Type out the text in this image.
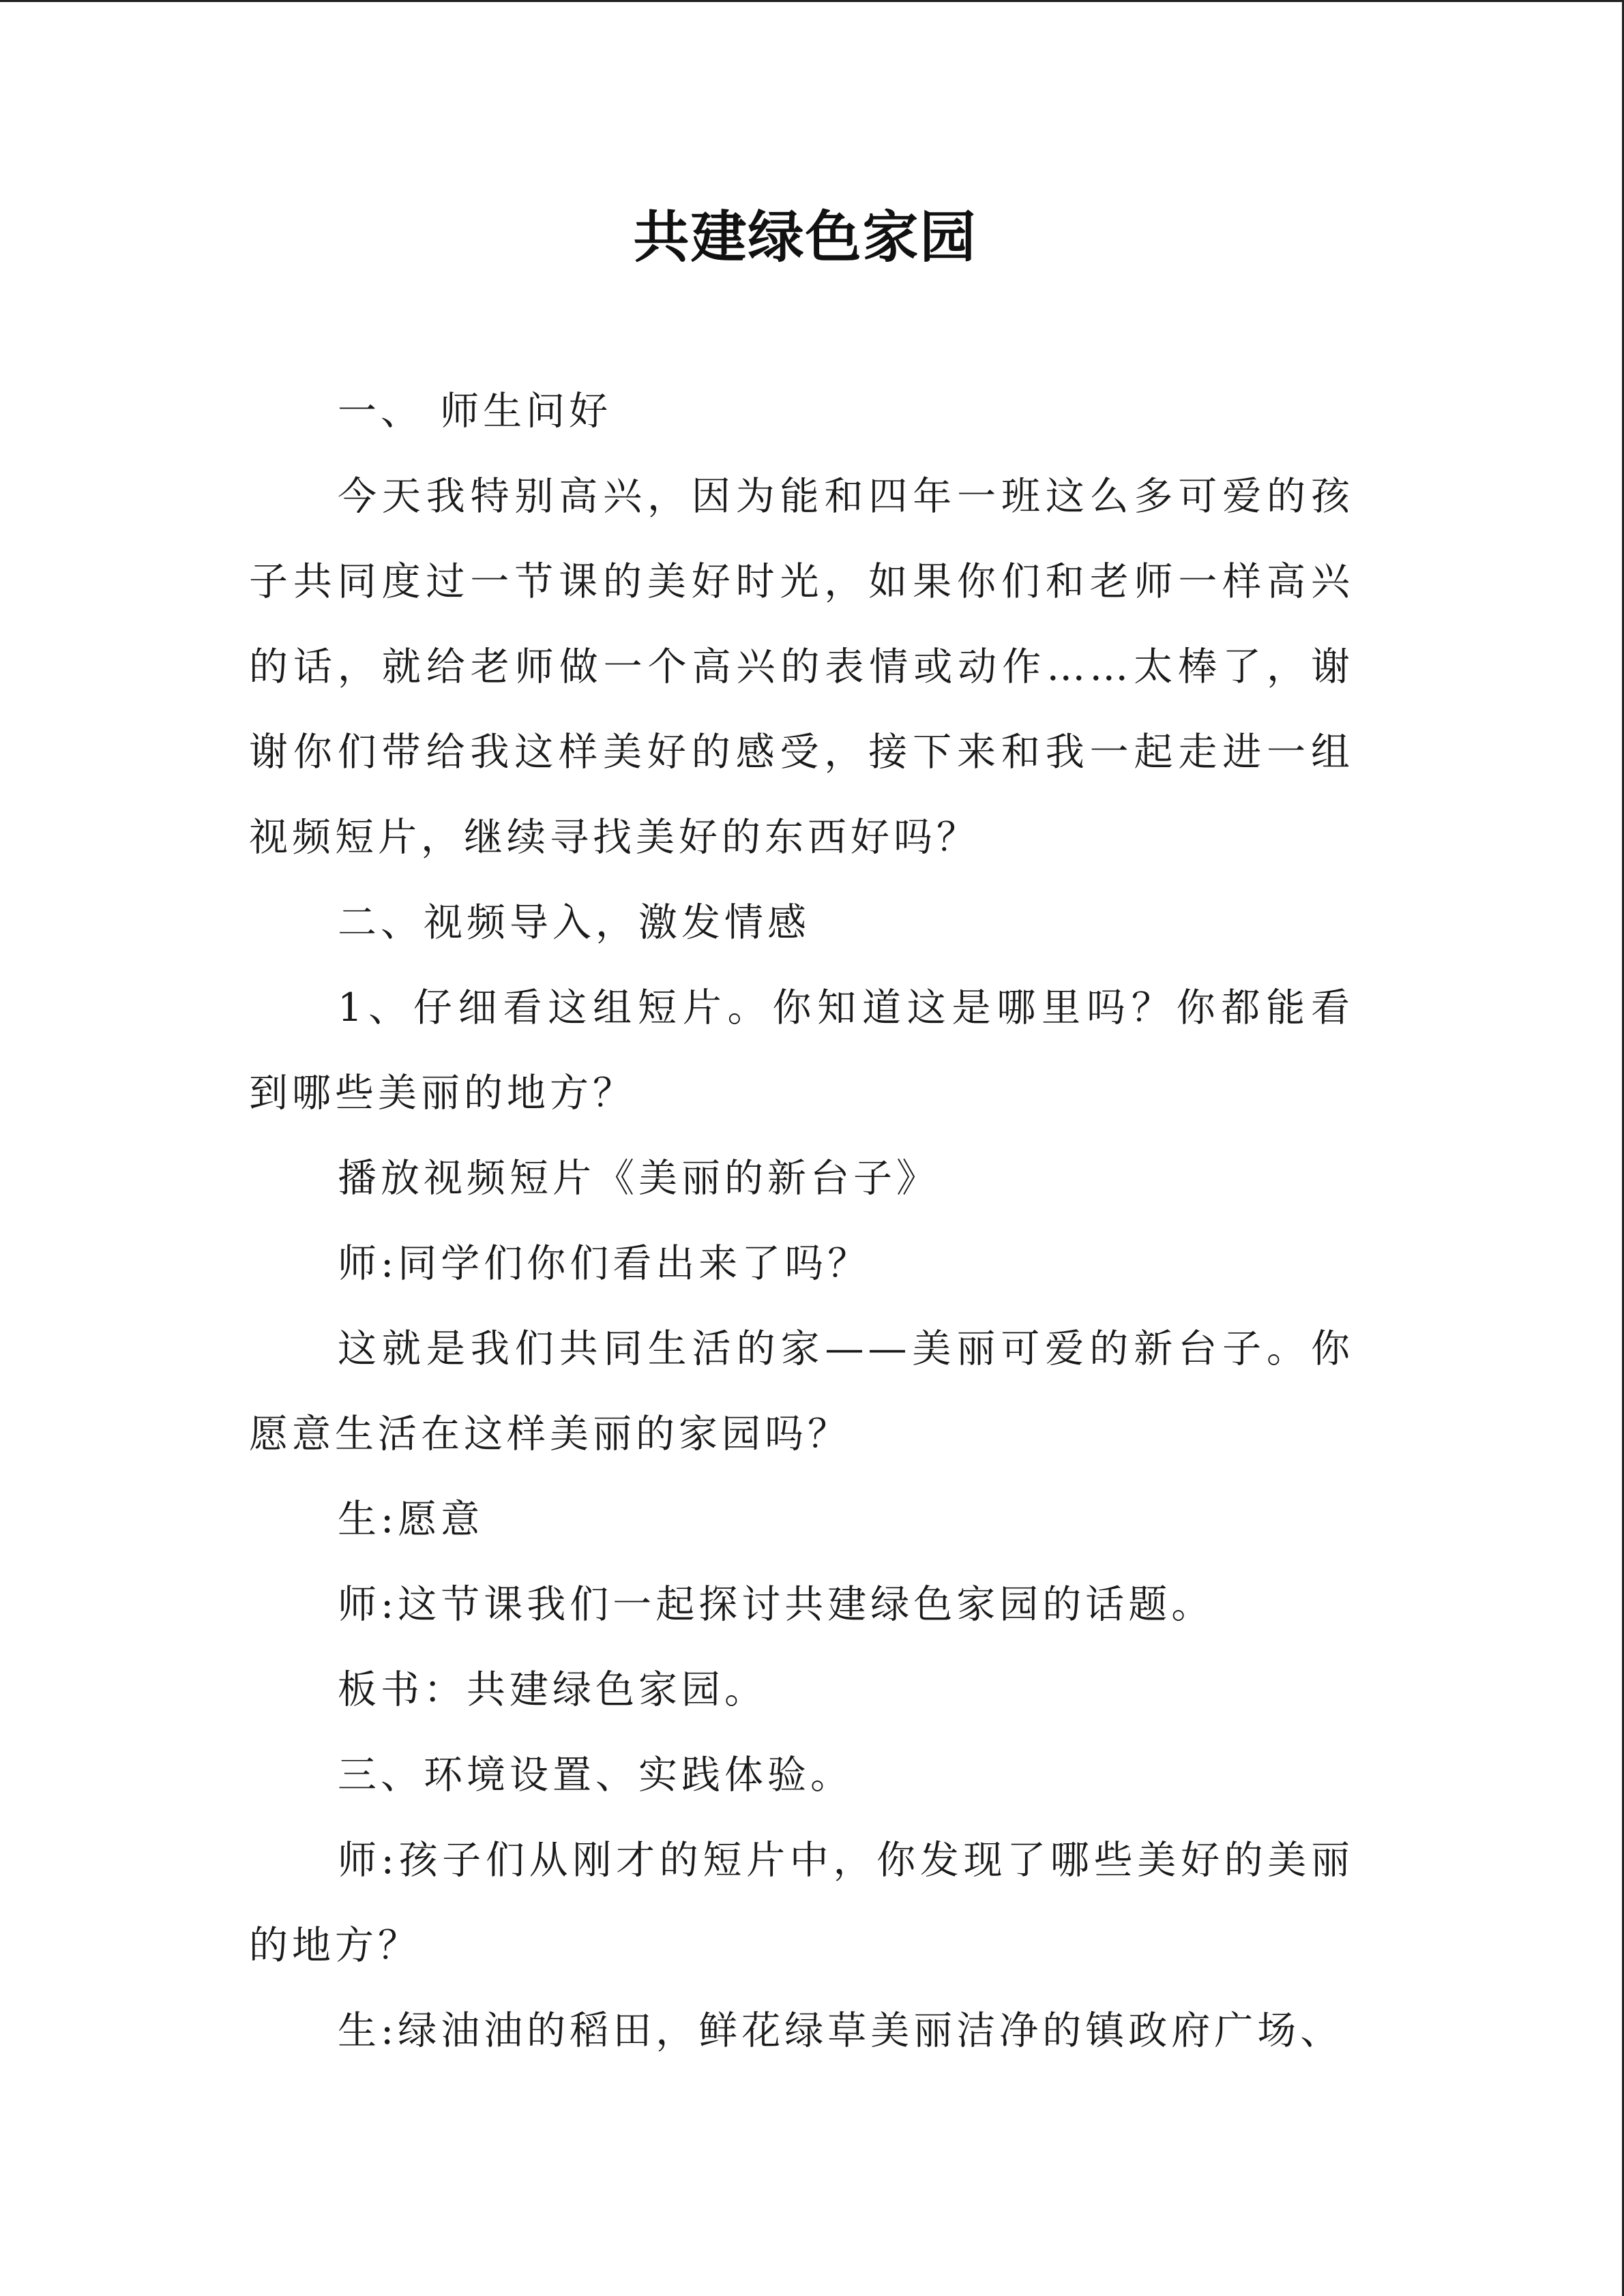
共建绿色家园

一、 师生问好

今天我特别高兴，因为能和四年一班这么多可爱的孩子共同度过一节课的美好时光，如果你们和老师一样高兴的话，就给老师做一个高兴的表情或动作……太棒了，谢谢你们带给我这样美好的感受，接下来和我一起走进一组视频短片，继续寻找美好的东西好吗？

二、视频导入，激发情感

1、仔细看这组短片。你知道这是哪里吗？你都能看到哪些美丽的地方？

播放视频短片《美丽的新台子》

师:同学们你们看出来了吗？

这就是我们共同生活的家——美丽可爱的新台子。你愿意生活在这样美丽的家园吗？

生:愿意

师:这节课我们一起探讨共建绿色家园的话题。

板书：共建绿色家园。

三、环境设置、实践体验。

师:孩子们从刚才的短片中，你发现了哪些美好的美丽的地方？

生:绿油油的稻田，鲜花绿草美丽洁净的镇政府广场、
